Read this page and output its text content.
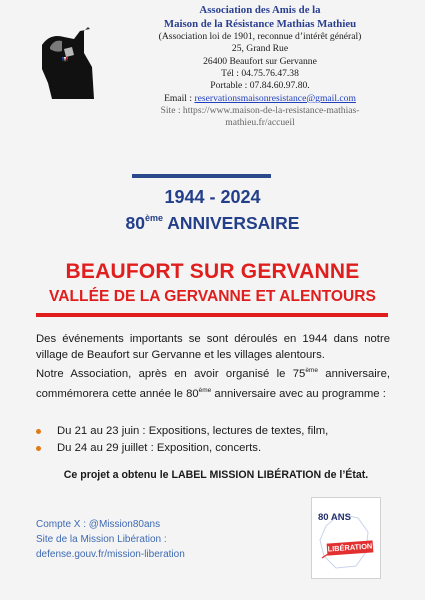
Association des Amis de la
Maison de la Résistance Mathias Mathieu
(Association loi de 1901, reconnue d’intérêt général)
25, Grand Rue
26400 Beaufort sur Gervanne
Tél : 04.75.76.47.38
Portable : 07.84.60.97.80.
Email : reservationsmaisonresistance@gmail.com
Site : https://www.maison-de-la-resistance-mathias-
mathieu.fr/accueil
1944 - 2024
80ème ANNIVERSAIRE
BEAUFORT SUR GERVANNE
VALLÉE DE LA GERVANNE ET ALENTOURS

Des événements importants se sont déroulés en 1944 dans notre village de Beaufort sur Gervanne et les villages alentours.

Notre Association, après en avoir organisé le 75ème anniversaire, commémorera cette année le 80ème anniversaire avec au programme :

Du 21 au 23 juin : Expositions, lectures de textes, film,
Du 24 au 29 juillet : Exposition, concerts.
Ce projet a obtenu le LABEL MISSION LIBÉRATION de l’État.
Compte X : @Mission80ans
Site de la Mission Libération :
defense.gouv.fr/mission-liberation
80 ANS
LIBÉRATION
